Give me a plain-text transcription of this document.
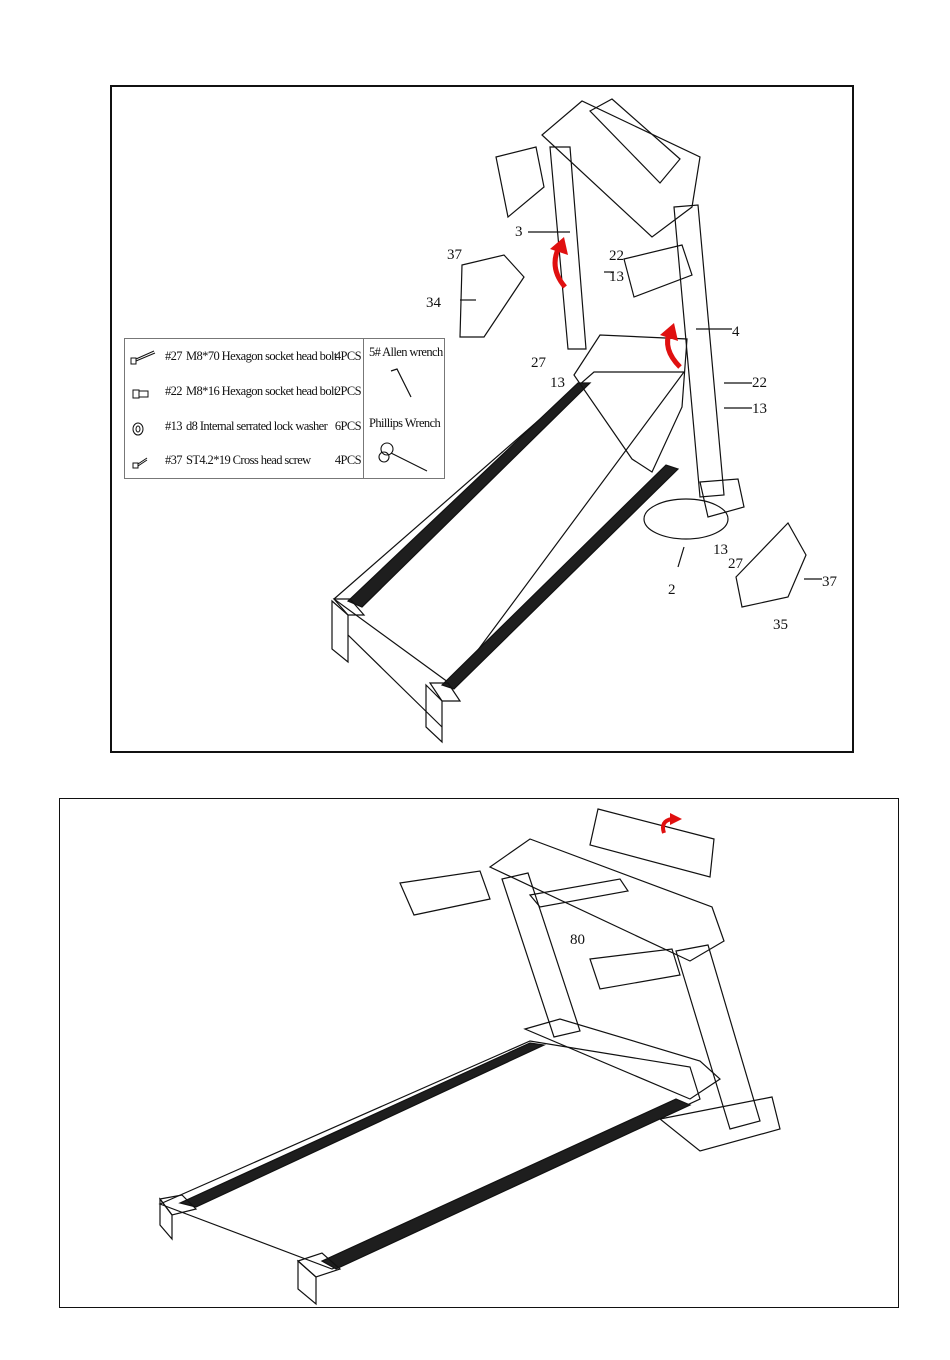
3
22
13
37
34
4
27
13	22
13
13
27
2	37
35
#27 M8*70 Hexagon socket head bolt
4PCS
#22 M8*16 Hexagon socket head bolt
2PCS
#13 d8 Internal serrated lock washer 6PCS
#37 ST4.2*19 Cross head screw 4PCS
5# Allen wrench
Phillips Wrench
80
